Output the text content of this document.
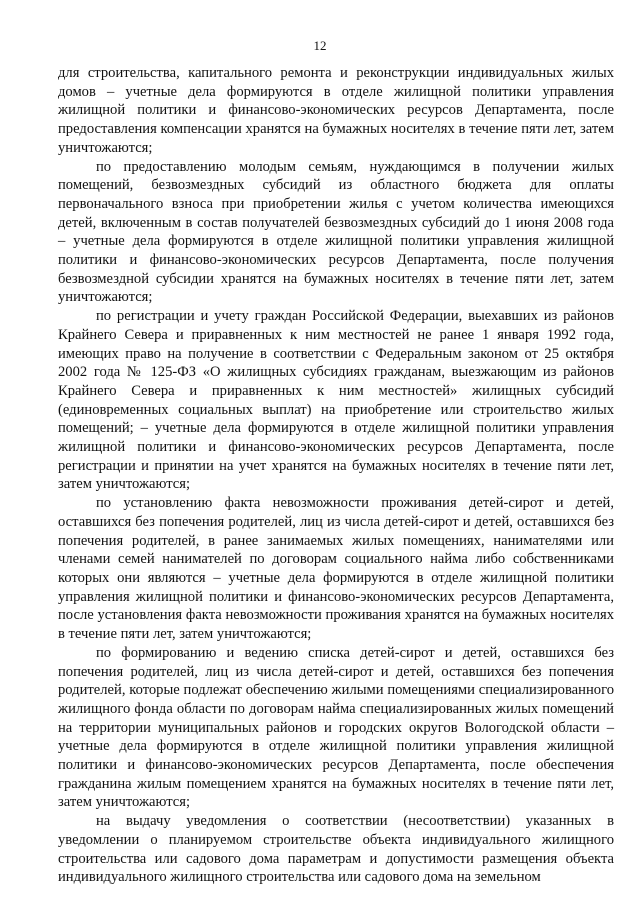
12

для строительства, капитального ремонта и реконструкции индивидуальных жилых домов – учетные дела формируются в отделе жилищной политики управления жилищной политики и финансово-экономических ресурсов Департамента, после предоставления компенсации хранятся на бумажных носителях в течение пяти лет, затем уничтожаются;

по предоставлению молодым семьям, нуждающимся в получении жилых помещений, безвозмездных субсидий из областного бюджета для оплаты первоначального взноса при приобретении жилья с учетом количества имеющихся детей, включенным в состав получателей безвозмездных субсидий до 1 июня 2008 года – учетные дела формируются в отделе жилищной политики управления жилищной политики и финансово-экономических ресурсов Департамента, после получения безвозмездной субсидии хранятся на бумажных носителях в течение пяти лет, затем уничтожаются;

по регистрации и учету граждан Российской Федерации, выехавших из районов Крайнего Севера и приравненных к ним местностей не ранее 1 января 1992 года, имеющих право на получение в соответствии с Федеральным законом от 25 октября 2002 года № 125-ФЗ «О жилищных субсидиях гражданам, выезжающим из районов Крайнего Севера и приравненных к ним местностей» жилищных субсидий (единовременных социальных выплат) на приобретение или строительство жилых помещений; – учетные дела формируются в отделе жилищной политики управления жилищной политики и финансово-экономических ресурсов Департамента, после регистрации и принятии на учет хранятся на бумажных носителях в течение пяти лет, затем уничтожаются;

по установлению факта невозможности проживания детей-сирот и детей, оставшихся без попечения родителей, лиц из числа детей-сирот и детей, оставшихся без попечения родителей, в ранее занимаемых жилых помещениях, нанимателями или членами семей нанимателей по договорам социального найма либо собственниками которых они являются – учетные дела формируются в отделе жилищной политики управления жилищной политики и финансово-экономических ресурсов Департамента, после установления факта невозможности проживания хранятся на бумажных носителях в течение пяти лет, затем уничтожаются;

по формированию и ведению списка детей-сирот и детей, оставшихся без попечения родителей, лиц из числа детей-сирот и детей, оставшихся без попечения родителей, которые подлежат обеспечению жилыми помещениями специализированного жилищного фонда области по договорам найма специализированных жилых помещений на территории муниципальных районов и городских округов Вологодской области – учетные дела формируются в отделе жилищной политики управления жилищной политики и финансово-экономических ресурсов Департамента, после обеспечения гражданина жилым помещением хранятся на бумажных носителях в течение пяти лет, затем уничтожаются;

на выдачу уведомления о соответствии (несоответствии) указанных в уведомлении о планируемом строительстве объекта индивидуального жилищного строительства или садового дома параметрам и допустимости размещения объекта индивидуального жилищного строительства или садового дома на земельном
